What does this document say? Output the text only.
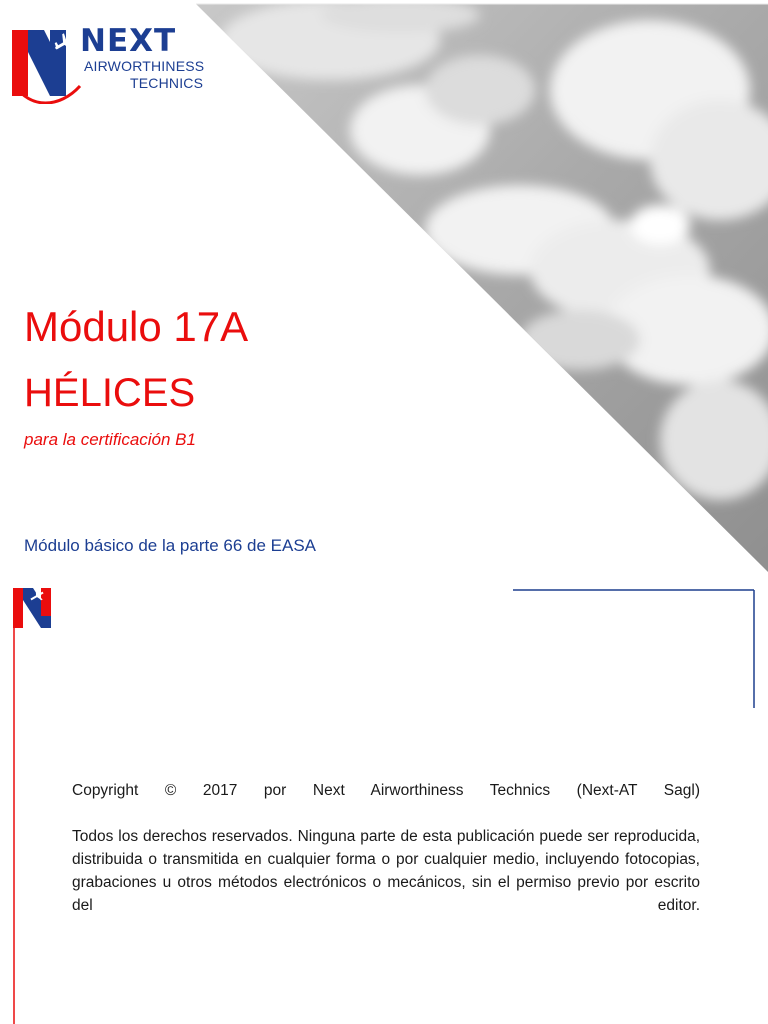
NEXT
AIRWORTHINESS
TECHNICS
Módulo 17A
HÉLICES
para la certificación B1
Módulo básico de la parte 66 de EASA
Copyright © 2017 por Next Airworthiness Technics (Next-AT Sagl)
Todos los derechos reservados. Ninguna parte de esta publicación puede ser reproducida, distribuida o transmitida en cualquier forma o por cualquier medio, incluyendo fotocopias, grabaciones u otros métodos electrónicos o mecánicos, sin el permiso previo por escrito del editor.
